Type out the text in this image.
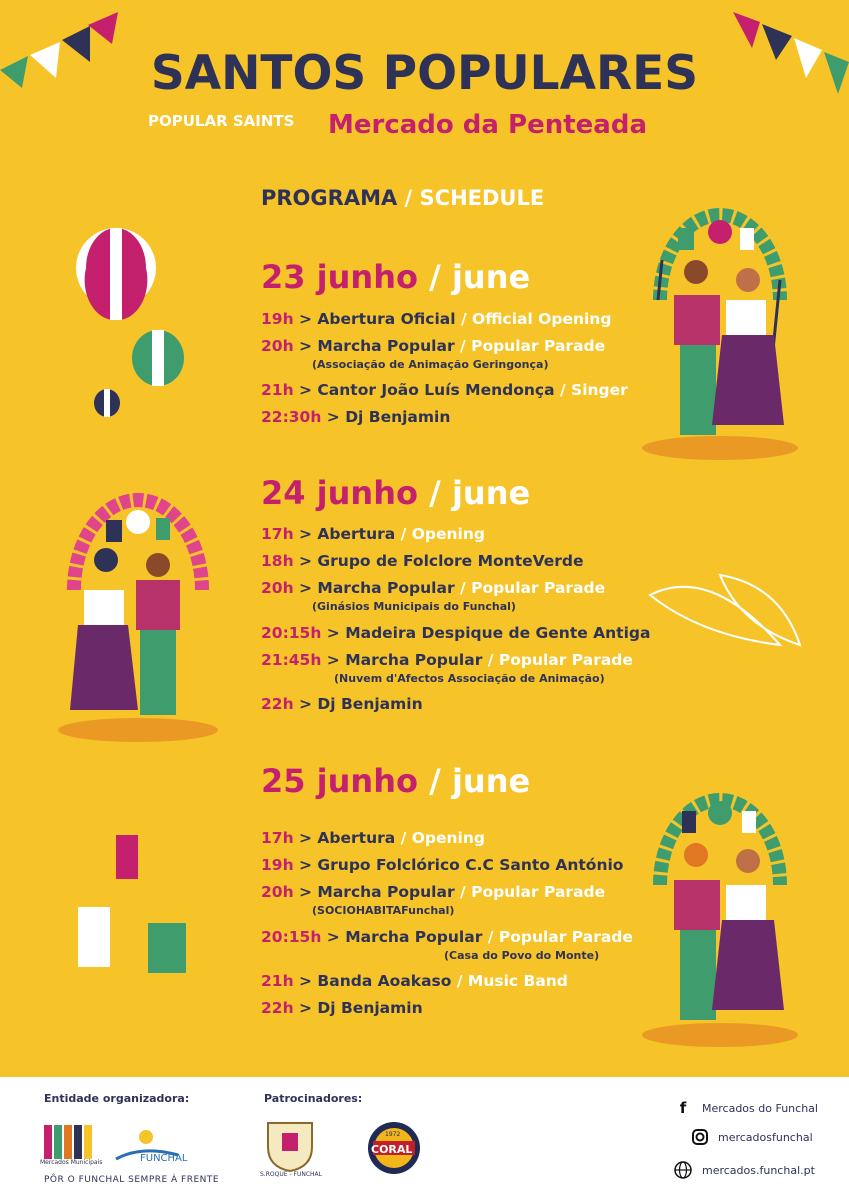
SANTOS POPULARES
POPULAR SAINTS Mercado da Penteada
PROGRAMA / SCHEDULE
23 junho / june
19h > Abertura Oficial / Official Opening
20h > Marcha Popular / Popular Parade
(Associação de Animação Geringonça)
21h > Cantor João Luís Mendonça / Singer
22:30h > Dj Benjamin
24 junho / june
17h > Abertura / Opening
18h > Grupo de Folclore MonteVerde
20h > Marcha Popular / Popular Parade
(Ginásios Municipais do Funchal)
20:15h > Madeira Despique de Gente Antiga
21:45h > Marcha Popular / Popular Parade
(Nuvem d'Afectos Associação de Animação)
22h > Dj Benjamin
25 junho / june
17h > Abertura / Opening
19h > Grupo Folclórico C.C Santo António
20h > Marcha Popular / Popular Parade
(SOCIOHABITAFunchal)
20:15h > Marcha Popular / Popular Parade
(Casa do Povo do Monte)
21h > Banda Aoakaso / Music Band
22h > Dj Benjamin
Entidade organizadora:	Patrocinadores:
Mercados Municipais	FUNCHAL
PÔR O FUNCHAL SEMPRE À FRENTE
S.ROQUE - FUNCHAL
CORAL
1972
f	Mercados do Funchal
mercadosfunchal
mercados.funchal.pt
